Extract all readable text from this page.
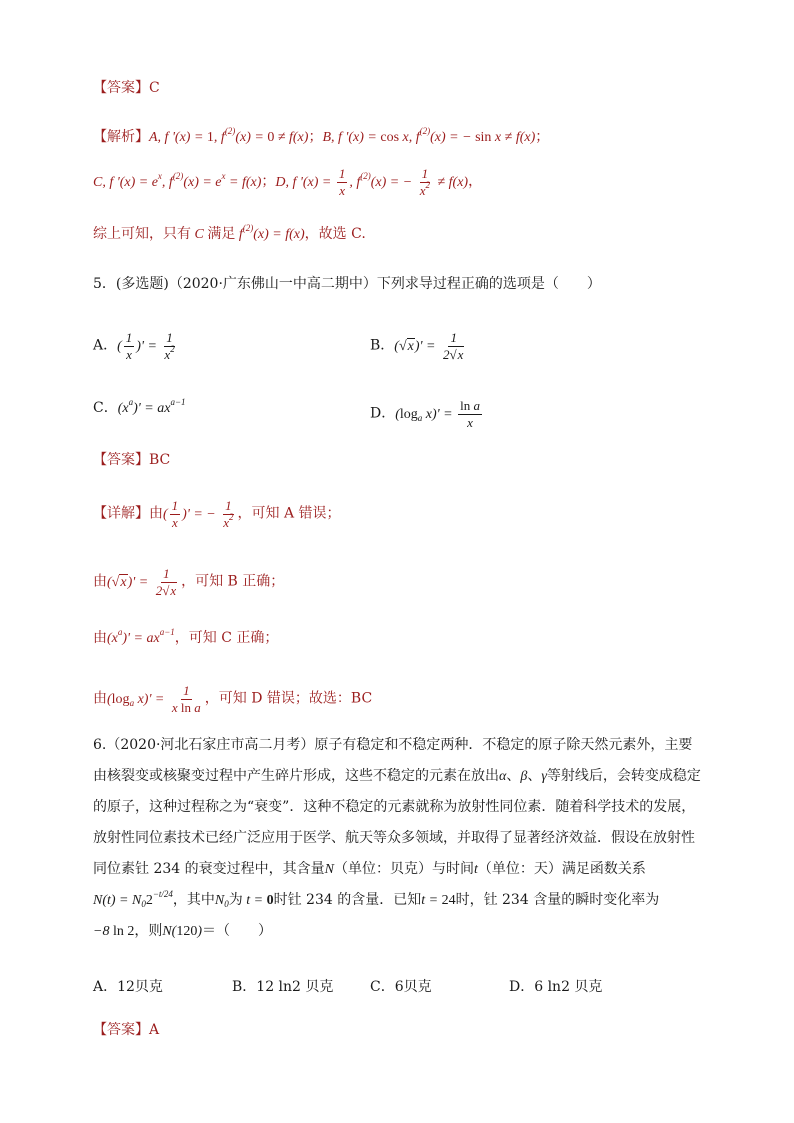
【答案】C
【解析】A, f '(x) = 1, $f^{(2)}(x) = 0 \ne f(x)$；B, f '(x) = cos x, $f^{(2)}(x)$ = − sin x ≠ f(x)；
C, f '$(x) = e^x$, $f^{(2)}(x) = e^x = f(x)$；D, f '$(x) = \frac{1}{x}$ , $f^{(2)}(x)$ = − $\frac{1}{x^2} \ne f(x)$，
综上可知，只有 C 满足 $f^{(2)}(x) = f(x)$，故选 C.
5．(多选题)（2020·广东佛山一中高二期中）下列求导过程正确的选项是（　　）
A．( $\frac{1}{x}$ )' = $\frac{1}{x^2}$	B．$(√x)' = \frac{1}{2√x}$
C．$(x^a)' = ax^{a-1}$
D．($\log_a$ $x)' = \frac{\text{ln a}}{x}$
【答案】BC
【详解】由( $\frac{1}{x}$ )' = − $\frac{1}{x^2}$ ，可知 A 错误；
由$(√x)' = \frac{1}{2√x}$ ，可知 B 正确；
由$(x^a)' = ax^{a-1}$，可知 C 正确；
由($\log_a$ $x)' = \frac{1}{\text{x ln a}}$ ，可知 D 错误；故选：BC
6.（2020·河北石家庄市高二月考）原子有稳定和不稳定两种．不稳定的原子除天然元素外，主要由核裂变或核聚变过程中产生碎片形成，这些不稳定的元素在放出α、β、γ等射线后，会转变成稳定的原子，这种过程称之为“衰变”．这种不稳定的元素就称为放射性同位素．随着科学技术的发展，放射性同位素技术已经广泛应用于医学、航天等众多领域，并取得了显著经济效益．假设在放射性同位素钍 234 的衰变过程中，其含量N（单位：贝克）与时间t（单位：天）满足函数关系
$N(t) = N_02^{-t/24}$，其中$N_0$为 t = 0时钍 234 的含量．已知t = 24时，钍 234 含量的瞬时变化率为
−8 ln 2，则N(120)＝（　　）
A．12贝克	B．12 ln2 贝克	C．6贝克	D．6 ln2 贝克
【答案】A
